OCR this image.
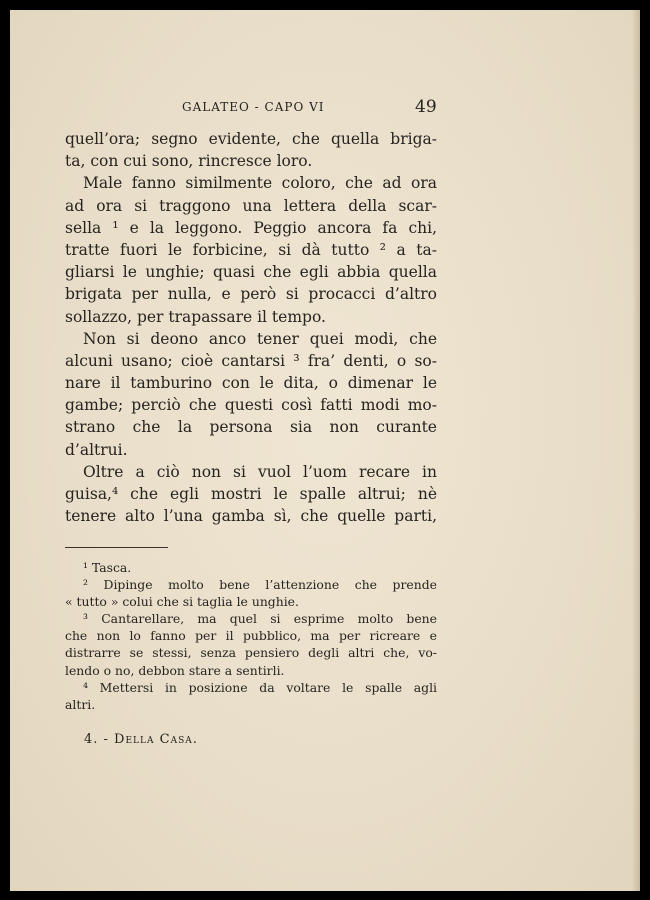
GALATEO - CAPO VI	49
quell’ora; segno evidente, che quella briga-
ta, con cui sono, rincresce loro.
Male fanno similmente coloro, che ad ora
ad ora si traggono una lettera della scar-
sella ¹ e la leggono. Peggio ancora fa chi,
tratte fuori le forbicine, si dà tutto ² a ta-
gliarsi le unghie; quasi che egli abbia quella
brigata per nulla, e però si procacci d’altro
sollazzo, per trapassare il tempo.
Non si deono anco tener quei modi, che
alcuni usano; cioè cantarsi ³ fra’ denti, o so-
nare il tamburino con le dita, o dimenar le
gambe; perciò che questi così fatti modi mo-
strano che la persona sia non curante
d’altrui.
Oltre a ciò non si vuol l’uom recare in
guisa,⁴ che egli mostri le spalle altrui; nè
tenere alto l’una gamba sì, che quelle parti,
¹ Tasca.
² Dipinge molto bene l’attenzione che prende
« tutto » colui che si taglia le unghie.
³ Cantarellare, ma quel si esprime molto bene
che non lo fanno per il pubblico, ma per ricreare e
distrarre se stessi, senza pensiero degli altri che, vo-
lendo o no, debbon stare a sentirli.
⁴ Mettersi in posizione da voltare le spalle agli
altri.
4. - Della Casa.
